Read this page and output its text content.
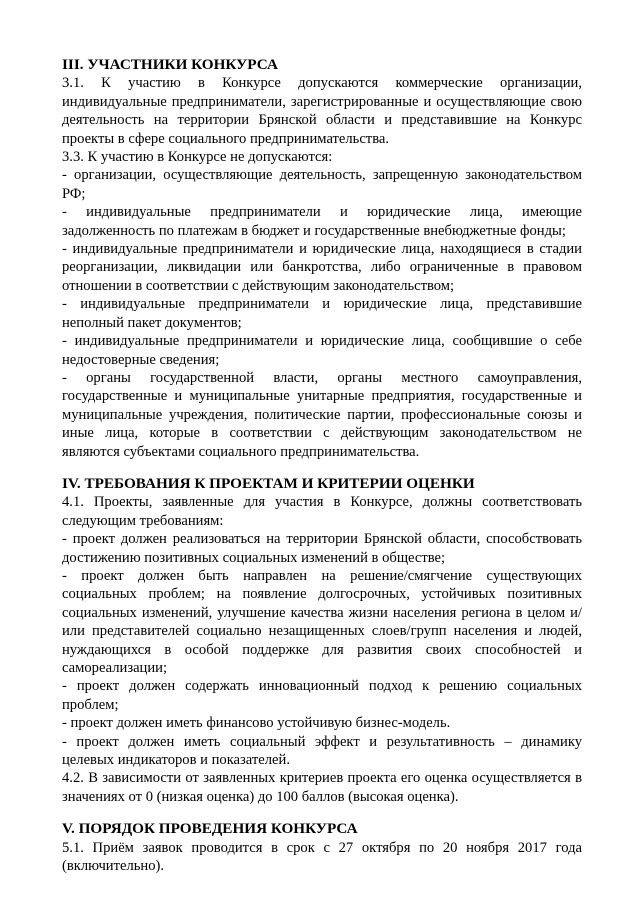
III. УЧАСТНИКИ КОНКУРСА

3.1. К участию в Конкурсе допускаются коммерческие организации, индивидуальные предприниматели, зарегистрированные и осуществляющие свою деятельность на территории Брянской области и представившие на Конкурс проекты в сфере социального предпринимательства.

3.3. К участию в Конкурсе не допускаются:

- организации, осуществляющие деятельность, запрещенную законодательством РФ;

- индивидуальные предприниматели и юридические лица, имеющие задолженность по платежам в бюджет и государственные внебюджетные фонды;

- индивидуальные предприниматели и юридические лица, находящиеся в стадии реорганизации, ликвидации или банкротства, либо ограниченные в правовом отношении в соответствии с действующим законодательством;

- индивидуальные предприниматели и юридические лица, представившие неполный пакет документов;

- индивидуальные предприниматели и юридические лица, сообщившие о себе недостоверные сведения;

- органы государственной власти, органы местного самоуправления, государственные и муниципальные унитарные предприятия, государственные и муниципальные учреждения, политические партии, профессиональные союзы и иные лица, которые в соответствии с действующим законодательством не являются субъектами социального предпринимательства.

IV. ТРЕБОВАНИЯ К ПРОЕКТАМ И КРИТЕРИИ ОЦЕНКИ

4.1. Проекты, заявленные для участия в Конкурсе, должны соответствовать следующим требованиям:

- проект должен реализоваться на территории Брянской области, способствовать достижению позитивных социальных изменений в обществе;

- проект должен быть направлен на решение/смягчение существующих социальных проблем; на появление долгосрочных, устойчивых позитивных социальных изменений, улучшение качества жизни населения региона в целом и/или представителей социально незащищенных слоев/групп населения и людей, нуждающихся в особой поддержке для развития своих способностей и самореализации;

- проект должен содержать инновационный подход к решению социальных проблем;

- проект должен иметь финансово устойчивую бизнес-модель.

- проект должен иметь социальный эффект и результативность – динамику целевых индикаторов и показателей.

4.2. В зависимости от заявленных критериев проекта его оценка осуществляется в значениях от 0 (низкая оценка) до 100 баллов (высокая оценка).

V. ПОРЯДОК ПРОВЕДЕНИЯ КОНКУРСА

5.1. Приём заявок проводится в срок с 27 октября по 20 ноября 2017 года (включительно).
